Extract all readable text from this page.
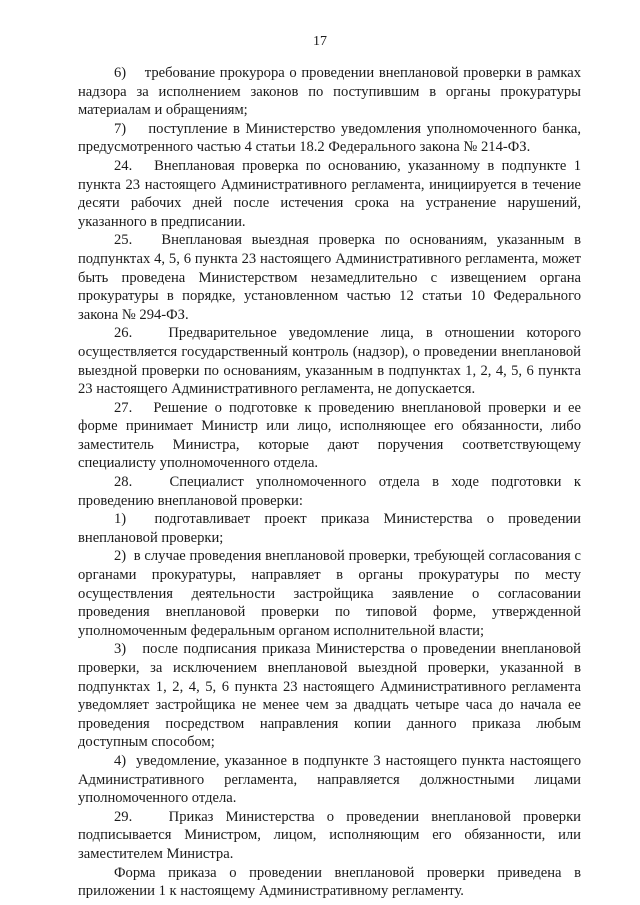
17

6)    требование прокурора о проведении внеплановой проверки в рамках надзора за исполнением законов по поступившим в органы прокуратуры материалам и обращениям;

7)    поступление в Министерство уведомления уполномоченного банка, предусмотренного частью 4 статьи 18.2 Федерального закона № 214-ФЗ.

24.   Внеплановая проверка по основанию, указанному в подпункте 1 пункта 23 настоящего Административного регламента, инициируется в течение десяти рабочих дней после истечения срока на устранение нарушений, указанного в предписании.

25.   Внеплановая выездная проверка по основаниям, указанным в подпунктах 4, 5, 6 пункта 23 настоящего Административного регламента, может быть проведена Министерством незамедлительно с извещением органа прокуратуры в порядке, установленном частью 12 статьи 10 Федерального закона № 294-ФЗ.

26.   Предварительное уведомление лица, в отношении которого осуществляется государственный контроль (надзор), о проведении внеплановой выездной проверки по основаниям, указанным в подпунктах 1, 2, 4, 5, 6 пункта 23 настоящего Административного регламента, не допускается.

27.   Решение о подготовке к проведению внеплановой проверки и ее форме принимает Министр или лицо, исполняющее его обязанности, либо заместитель Министра, которые дают поручения соответствующему специалисту уполномоченного отдела.

28.   Специалист уполномоченного отдела в ходе подготовки к проведению внеплановой проверки:

1)  подготавливает проект приказа Министерства о проведении внеплановой проверки;

2)  в случае проведения внеплановой проверки, требующей согласования с органами прокуратуры, направляет в органы прокуратуры по месту осуществления деятельности застройщика заявление о согласовании проведения внеплановой проверки по типовой форме, утвержденной уполномоченным федеральным органом исполнительной власти;

3)   после подписания приказа Министерства о проведении внеплановой проверки, за исключением внеплановой выездной проверки, указанной в подпунктах 1, 2, 4, 5, 6 пункта 23 настоящего Административного регламента уведомляет застройщика не менее чем за двадцать четыре часа до начала ее проведения посредством направления копии данного приказа любым доступным способом;

4)  уведомление, указанное в подпункте 3 настоящего пункта настоящего Административного регламента, направляется должностными лицами уполномоченного отдела.

29.   Приказ Министерства о проведении внеплановой проверки подписывается Министром, лицом, исполняющим его обязанности, или заместителем Министра.

Форма приказа о проведении внеплановой проверки приведена в приложении 1 к настоящему Административному регламенту.
